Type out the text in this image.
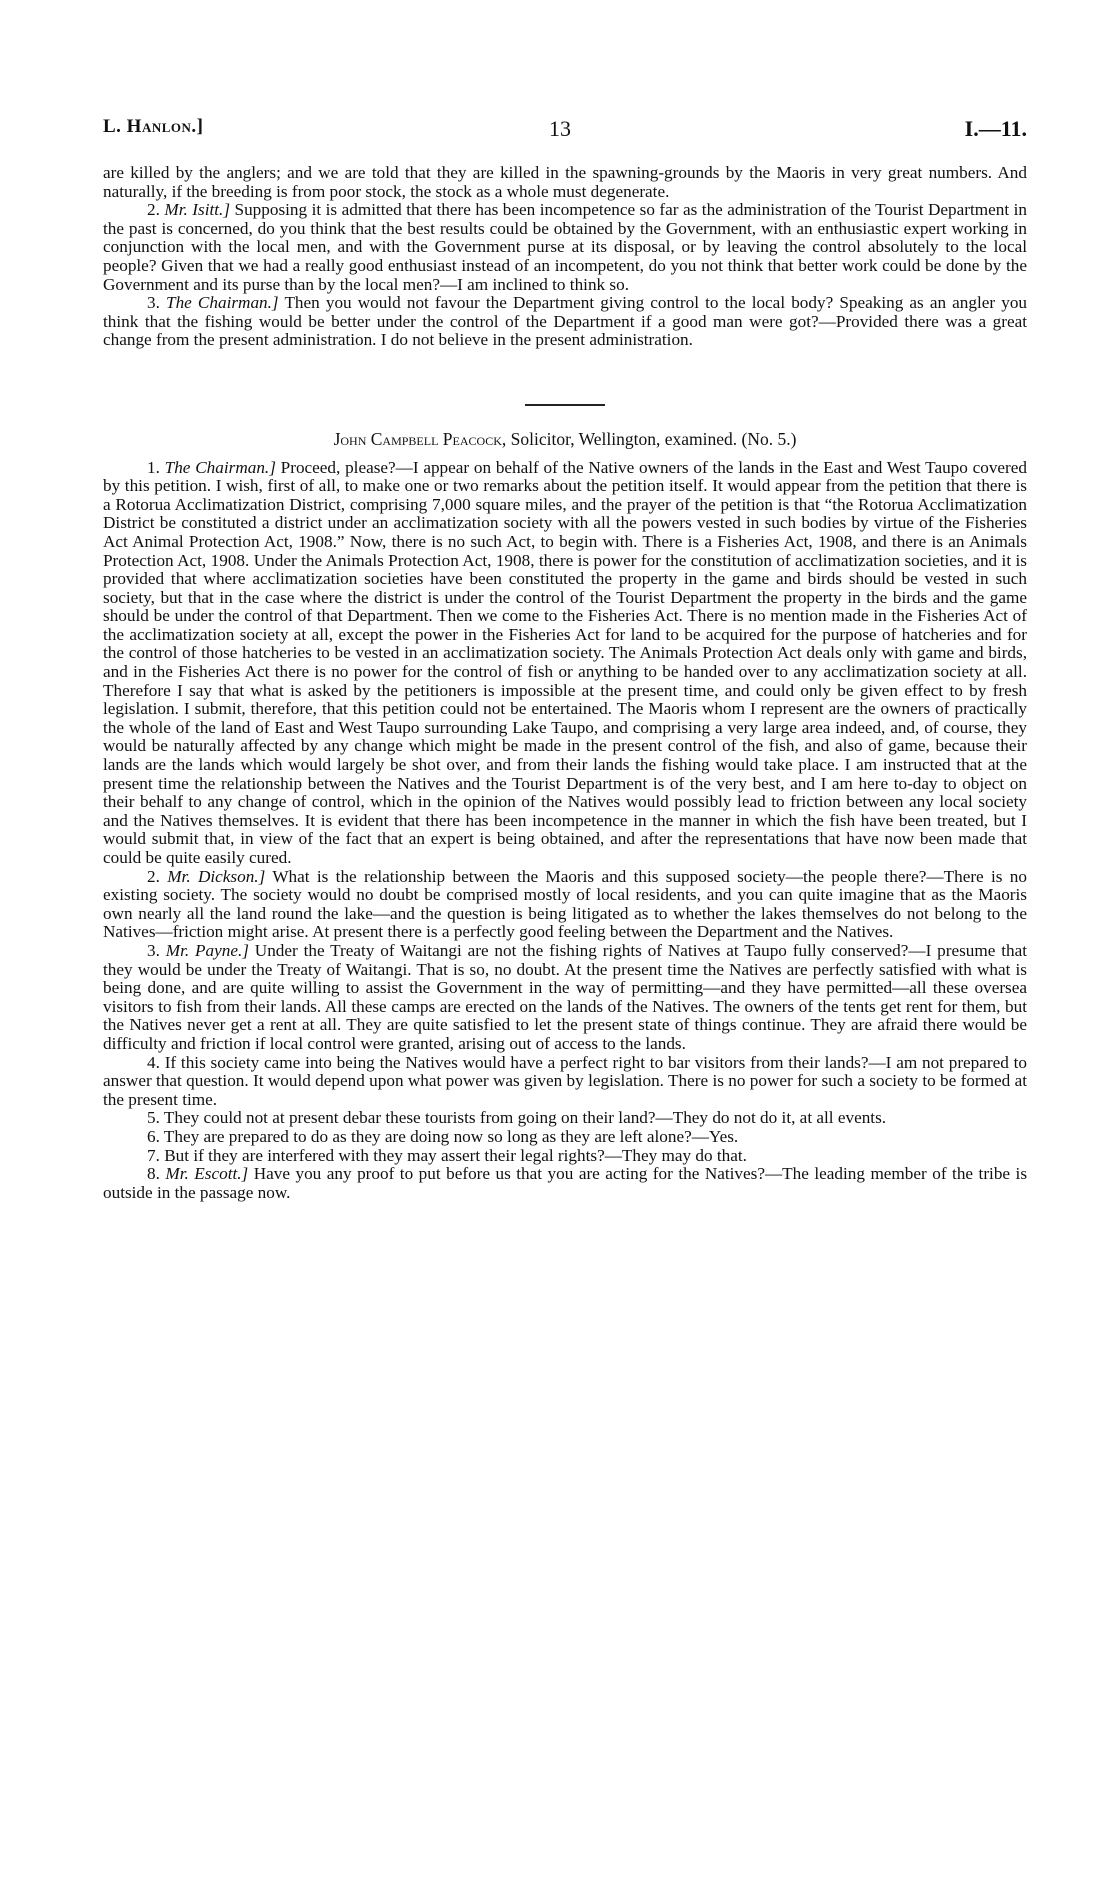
L. Hanlon.]	13	I.—11.

are killed by the anglers; and we are told that they are killed in the spawning-grounds by the Maoris in very great numbers. And naturally, if the breeding is from poor stock, the stock as a whole must degenerate.

2. Mr. Isitt.] Supposing it is admitted that there has been incompetence so far as the administration of the Tourist Department in the past is concerned, do you think that the best results could be obtained by the Government, with an enthusiastic expert working in conjunction with the local men, and with the Government purse at its disposal, or by leaving the control absolutely to the local people? Given that we had a really good enthusiast instead of an incompetent, do you not think that better work could be done by the Government and its purse than by the local men?—I am inclined to think so.

3. The Chairman.] Then you would not favour the Department giving control to the local body? Speaking as an angler you think that the fishing would be better under the control of the Department if a good man were got?—Provided there was a great change from the present administration. I do not believe in the present administration.

John Campbell Peacock, Solicitor, Wellington, examined. (No. 5.)

1. The Chairman.] Proceed, please?—I appear on behalf of the Native owners of the lands in the East and West Taupo covered by this petition. I wish, first of all, to make one or two remarks about the petition itself. It would appear from the petition that there is a Rotorua Acclimatization District, comprising 7,000 square miles, and the prayer of the petition is that “the Rotorua Acclimatization District be constituted a district under an acclimatization society with all the powers vested in such bodies by virtue of the Fisheries Act Animal Protection Act, 1908.” Now, there is no such Act, to begin with. There is a Fisheries Act, 1908, and there is an Animals Protection Act, 1908. Under the Animals Protection Act, 1908, there is power for the constitution of acclimatization societies, and it is provided that where acclimatization societies have been constituted the property in the game and birds should be vested in such society, but that in the case where the district is under the control of the Tourist Department the property in the birds and the game should be under the control of that Department. Then we come to the Fisheries Act. There is no mention made in the Fisheries Act of the acclimatization society at all, except the power in the Fisheries Act for land to be acquired for the purpose of hatcheries and for the control of those hatcheries to be vested in an acclimatization society. The Animals Protection Act deals only with game and birds, and in the Fisheries Act there is no power for the control of fish or anything to be handed over to any acclimatization society at all. Therefore I say that what is asked by the petitioners is impossible at the present time, and could only be given effect to by fresh legislation. I submit, therefore, that this petition could not be entertained. The Maoris whom I represent are the owners of practically the whole of the land of East and West Taupo surrounding Lake Taupo, and comprising a very large area indeed, and, of course, they would be naturally affected by any change which might be made in the present control of the fish, and also of game, because their lands are the lands which would largely be shot over, and from their lands the fishing would take place. I am instructed that at the present time the relationship between the Natives and the Tourist Department is of the very best, and I am here to-day to object on their behalf to any change of control, which in the opinion of the Natives would possibly lead to friction between any local society and the Natives themselves. It is evident that there has been incompetence in the manner in which the fish have been treated, but I would submit that, in view of the fact that an expert is being obtained, and after the representations that have now been made that could be quite easily cured.

2. Mr. Dickson.] What is the relationship between the Maoris and this supposed society—the people there?—There is no existing society. The society would no doubt be comprised mostly of local residents, and you can quite imagine that as the Maoris own nearly all the land round the lake—and the question is being litigated as to whether the lakes themselves do not belong to the Natives—friction might arise. At present there is a perfectly good feeling between the Department and the Natives.

3. Mr. Payne.] Under the Treaty of Waitangi are not the fishing rights of Natives at Taupo fully conserved?—I presume that they would be under the Treaty of Waitangi. That is so, no doubt. At the present time the Natives are perfectly satisfied with what is being done, and are quite willing to assist the Government in the way of permitting—and they have permitted—all these oversea visitors to fish from their lands. All these camps are erected on the lands of the Natives. The owners of the tents get rent for them, but the Natives never get a rent at all. They are quite satisfied to let the present state of things continue. They are afraid there would be difficulty and friction if local control were granted, arising out of access to the lands.

4. If this society came into being the Natives would have a perfect right to bar visitors from their lands?—I am not prepared to answer that question. It would depend upon what power was given by legislation. There is no power for such a society to be formed at the present time.

5. They could not at present debar these tourists from going on their land?—They do not do it, at all events.

6. They are prepared to do as they are doing now so long as they are left alone?—Yes.

7. But if they are interfered with they may assert their legal rights?—They may do that.

8. Mr. Escott.] Have you any proof to put before us that you are acting for the Natives?—The leading member of the tribe is outside in the passage now.
